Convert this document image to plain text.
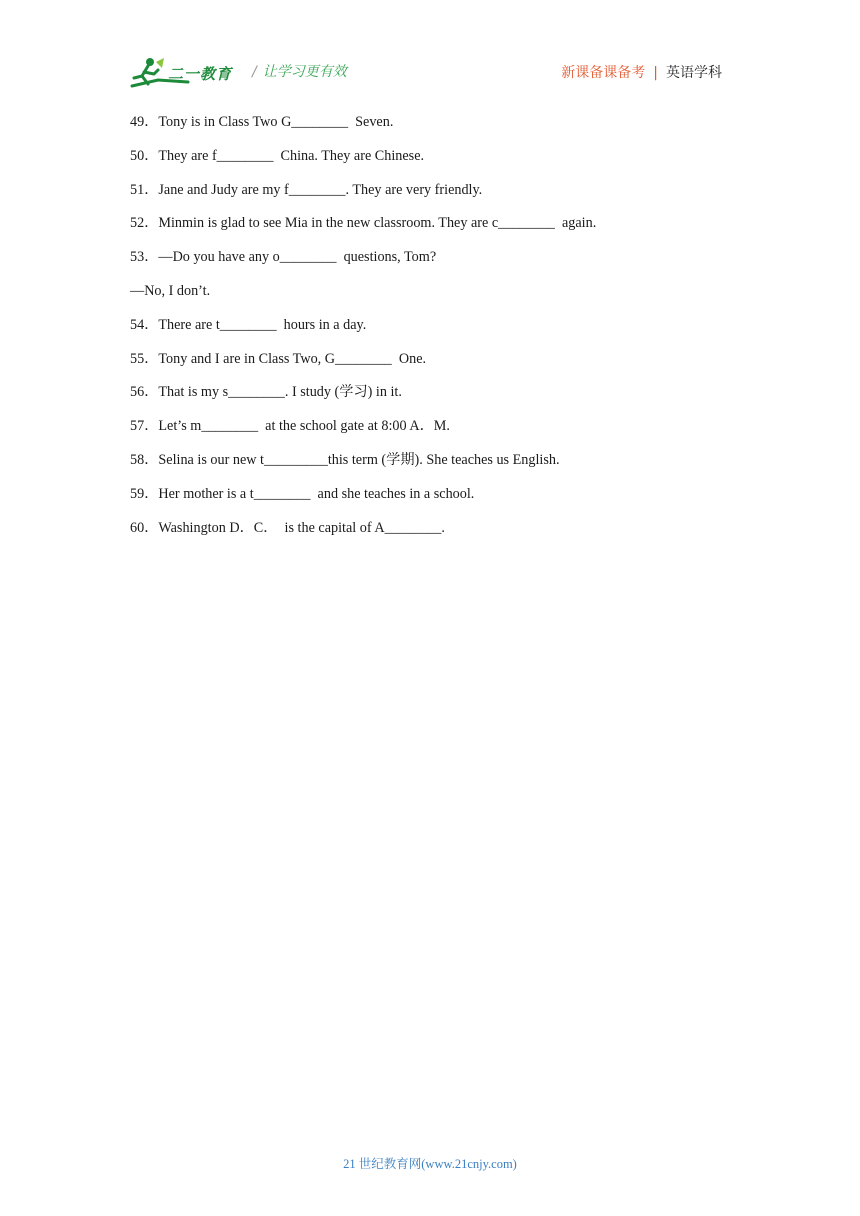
二一教育 / 让学习更有效	新课备课备考 | 英语学科
49．Tony is in Class Two G________  Seven.
50．They are f________  China. They are Chinese.
51．Jane and Judy are my f________. They are very friendly.
52．Minmin is glad to see Mia in the new classroom. They are c________  again.
53．—Do you have any o________  questions, Tom?
—No, I don’t.
54．There are t________  hours in a day.
55．Tony and I are in Class Two, G________  One.
56．That is my s________. I study (学习) in it.
57．Let’s m________  at the school gate at 8:00 A．M.
58．Selina is our new t_________this term (学期). She teaches us English.
59．Her mother is a t________  and she teaches in a school.
60．Washington D．C．  is the capital of A________.
21 世纪教育网(www.21cnjy.com)
